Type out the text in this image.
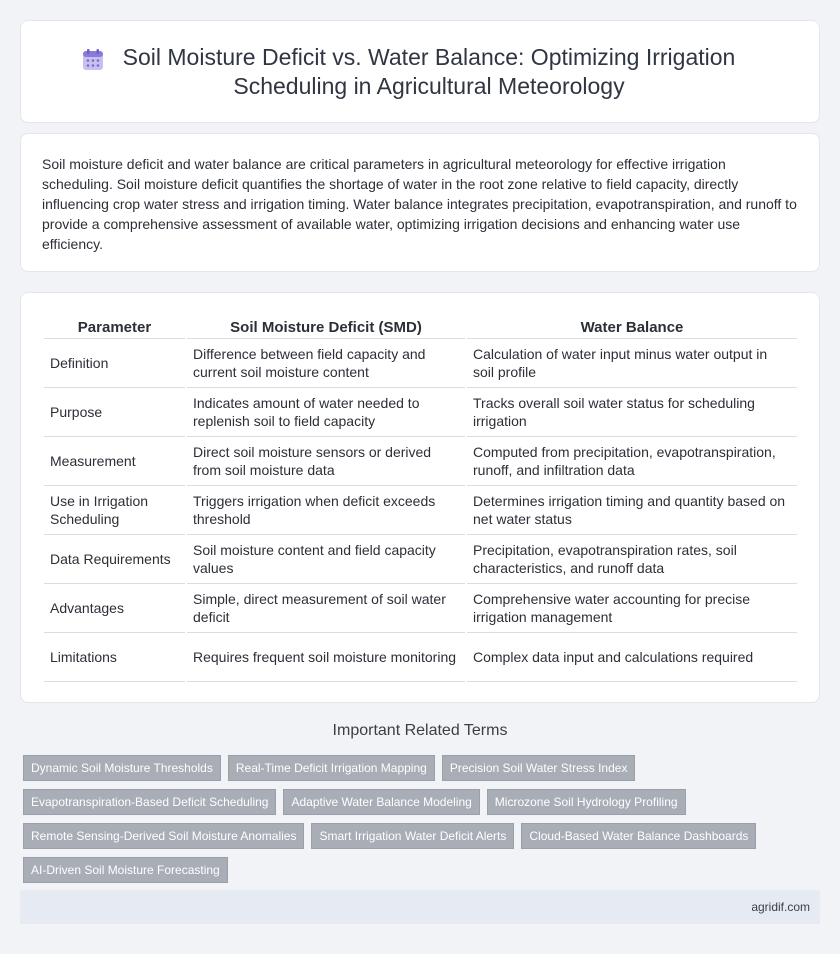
Soil Moisture Deficit vs. Water Balance: Optimizing Irrigation Scheduling in Agricultural Meteorology

Soil moisture deficit and water balance are critical parameters in agricultural meteorology for effective irrigation scheduling. Soil moisture deficit quantifies the shortage of water in the root zone relative to field capacity, directly influencing crop water stress and irrigation timing. Water balance integrates precipitation, evapotranspiration, and runoff to provide a comprehensive assessment of available water, optimizing irrigation decisions and enhancing water use efficiency.

Parameter	Soil Moisture Deficit (SMD)	Water Balance
Definition	Difference between field capacity and current soil moisture content	Calculation of water input minus water output in soil profile
Purpose	Indicates amount of water needed to replenish soil to field capacity	Tracks overall soil water status for scheduling irrigation
Measurement	Direct soil moisture sensors or derived from soil moisture data	Computed from precipitation, evapotranspiration, runoff, and infiltration data
Use in Irrigation Scheduling	Triggers irrigation when deficit exceeds threshold	Determines irrigation timing and quantity based on net water status
Data Requirements	Soil moisture content and field capacity values	Precipitation, evapotranspiration rates, soil characteristics, and runoff data
Advantages	Simple, direct measurement of soil water deficit	Comprehensive water accounting for precise irrigation management
Limitations	Requires frequent soil moisture monitoring	Complex data input and calculations required
Important Related Terms
Dynamic Soil Moisture Thresholds	Real-Time Deficit Irrigation Mapping	Precision Soil Water Stress Index
Evapotranspiration-Based Deficit Scheduling	Adaptive Water Balance Modeling	Microzone Soil Hydrology Profiling
Remote Sensing-Derived Soil Moisture Anomalies	Smart Irrigation Water Deficit Alerts	Cloud-Based Water Balance Dashboards
AI-Driven Soil Moisture Forecasting
agridif.com
